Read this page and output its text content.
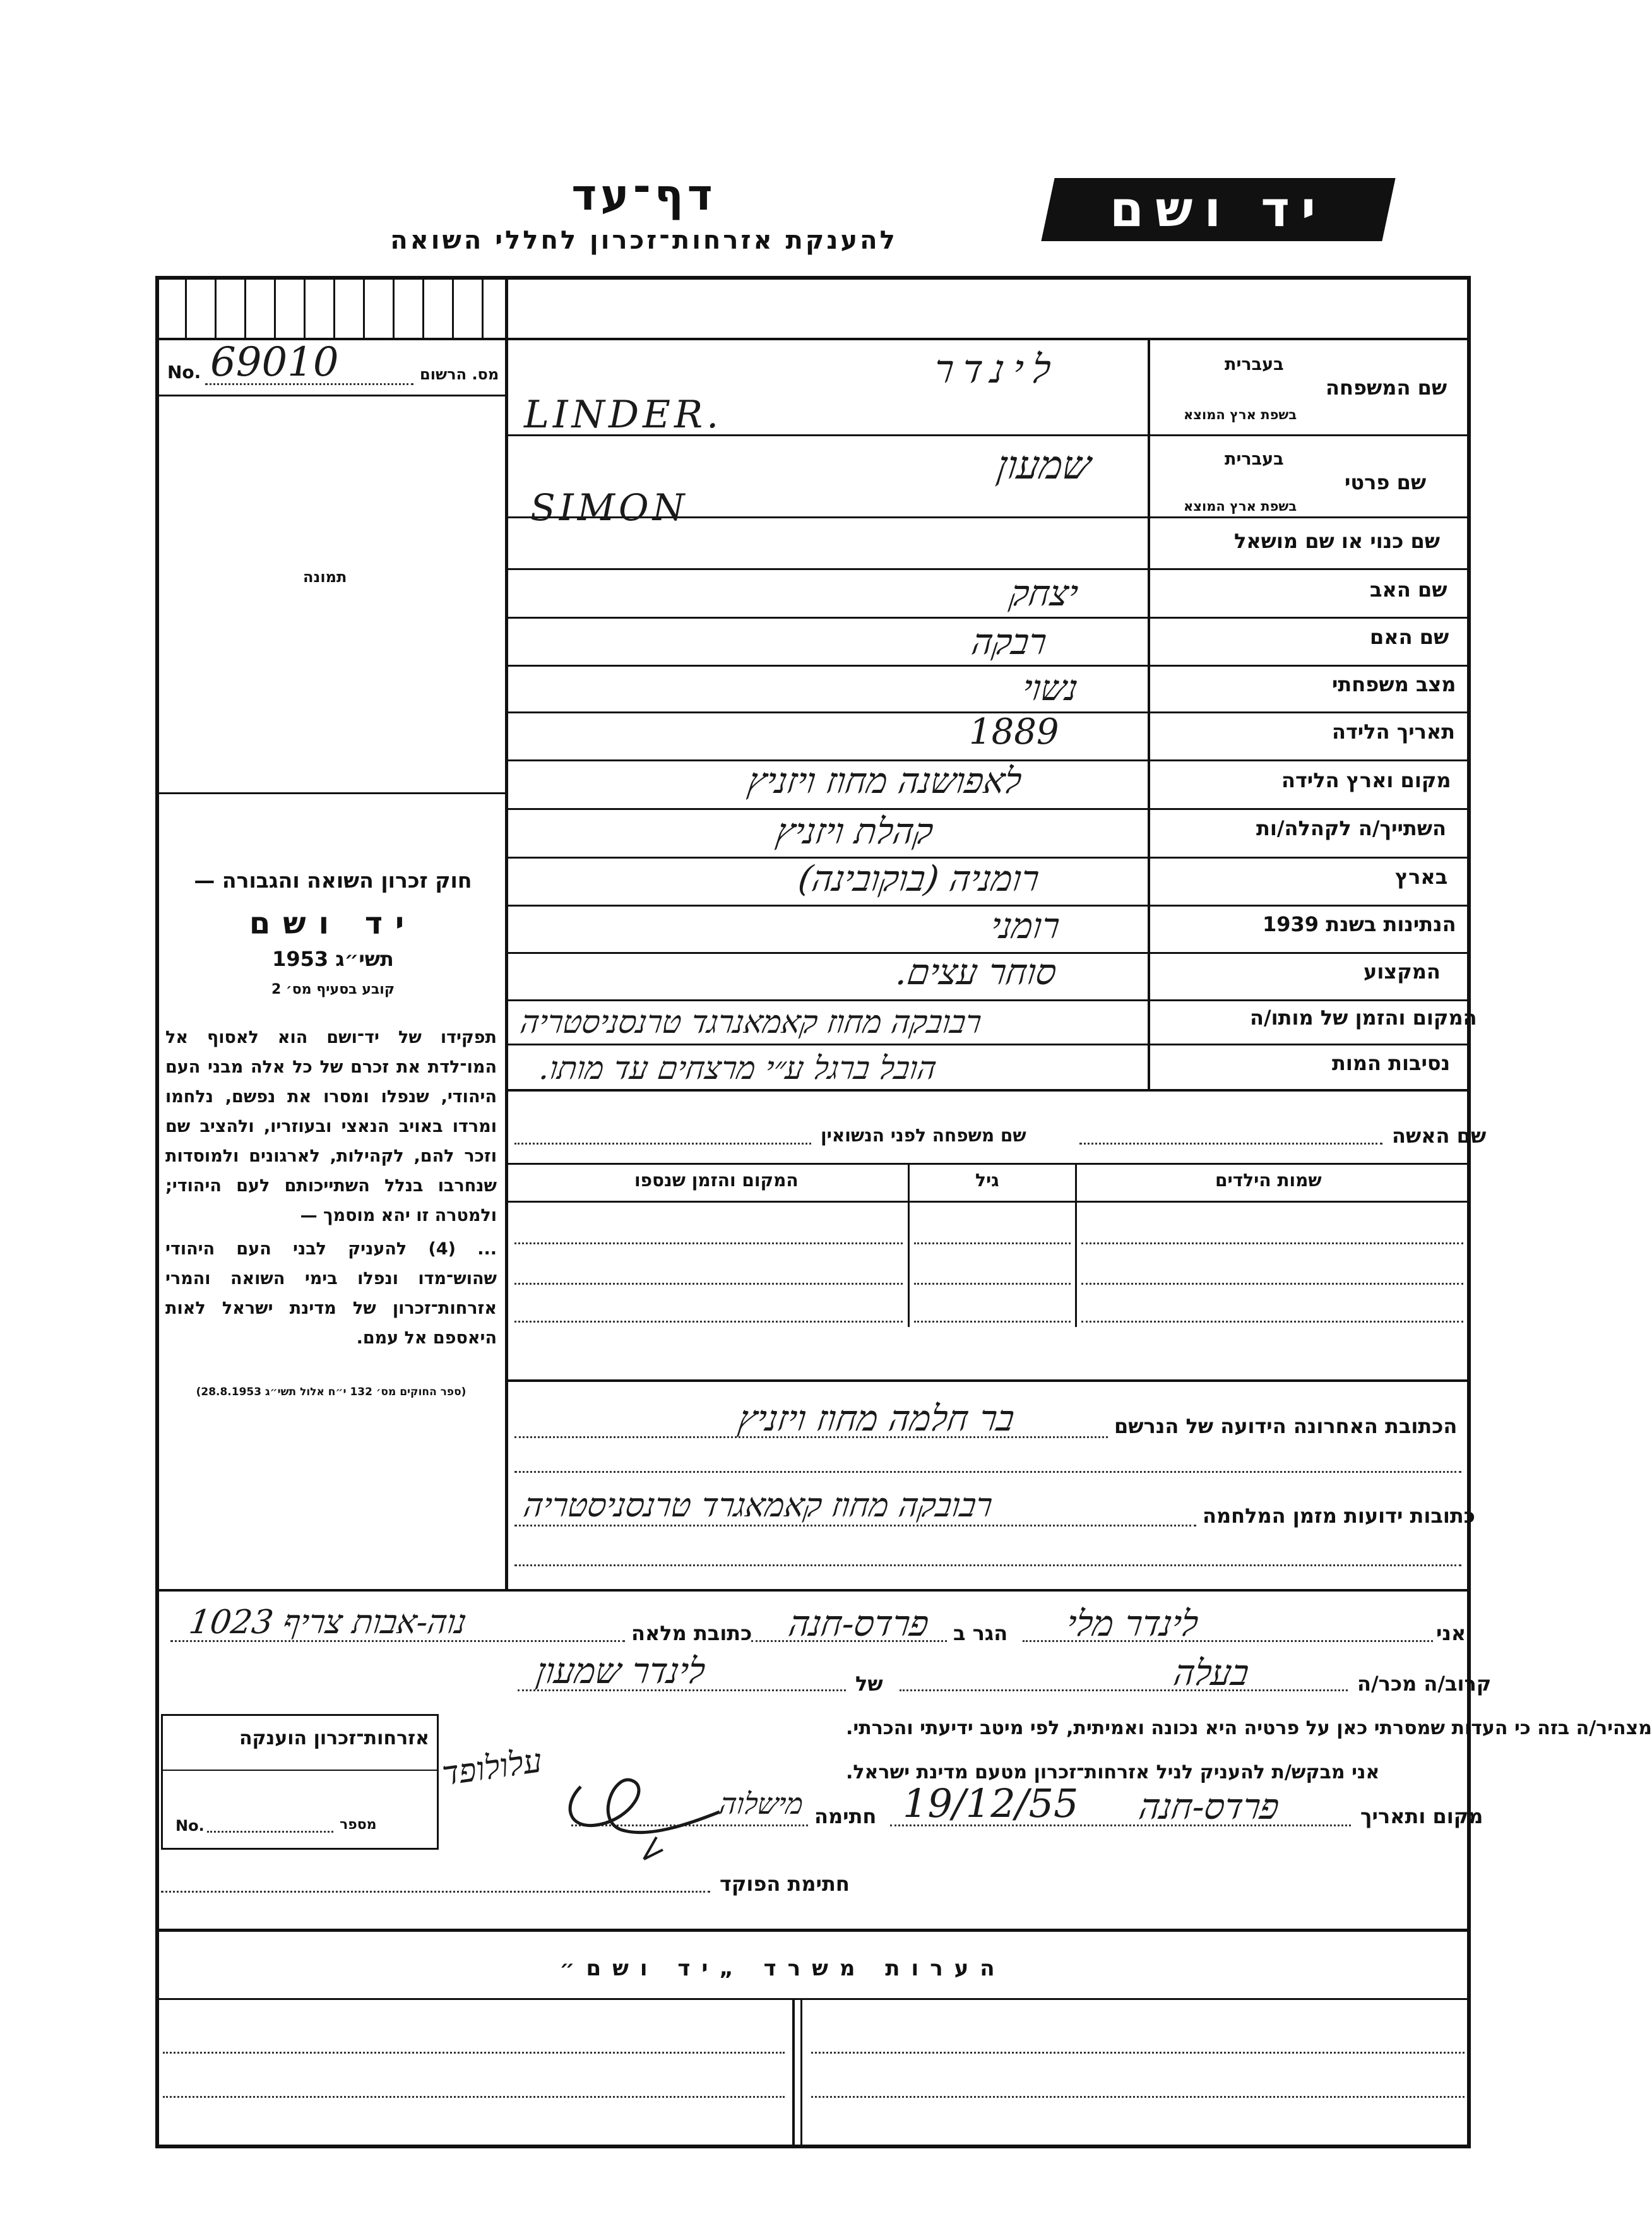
יד ושם
דף־עד
להענקת אזרחות־זכרון לחללי השואה
No. 69010	מס. הרשום
תמונה
חוק זכרון השואה והגבורה —
יד ושם
תשי״ג 1953
קובע בסעיף מס׳ 2
תפקידו של יד־ושם הוא לאסוף אל המו־לדת את זכרם של כל אלה מבני העם היהודי, שנפלו ומסרו את נפשם, נלחמו ומרדו באויב הנאצי ובעוזריו, ולהציב שם וזכר להם, לקהילות, לארגונים ולמוסדות שנחרבו בנלל השתייכותם לעם היהודי; ולמטרה זו יהא מוסמך —
... (4) להעניק לבני העם היהודי שהוש־מדו ונפלו בימי השואה והמרי אזרחות־זכרון של מדינת ישראל לאות היאספם אל עמם.
(ספר החוקים מס׳ 132 י״ח אלול תשי״ג 28.8.1953)
בעברית
שם המשפחה
בשפת ארץ המוצא
בעברית
שם פרטי
בשפת ארץ המוצא
שם כנוי או שם מושאל
שם האב
שם האם
מצב משפחתי
תאריך הלידה
מקום וארץ הלידה
השתייך/ה לקהלה/ות
בארץ
הנתינות בשנת 1939
המקצוע
המקום והזמן של מותו/ה
נסיבות המות
לינדר
LINDER.
שמעון
SIMON
יצחק
רבקה
נשוי
1889
לאפושנה מחוז ויזניץ
קהלת ויזניץ
רומניה (בוקובינה)
רומני
סוחר עצים.
רבובקה מחוז קאמאנרגד טרנסניסטריה
הובל ברגל ע״י מרצחים עד מותו.
שם האשה
שם משפחה לפני הנשואין
שמות הילדים
גיל
המקום והזמן שנספו
הכתובת האחרונה הידועה של הנרשם
בר חלמה מחוז ויזניץ
כתובות ידועות מזמן המלחמה
רבובקה מחוז קאמאגרד טרנסניסטריה
אני
לינדר מלי
הגר ב
פרדס-חנה
כתובת מלאה
נוה-אבות צריף 1023
קרוב/ה מכר/ה
בעלה
של
לינדר שמעון
מצהיר/ה בזה כי העדות שמסרתי כאן על פרטיה היא נכונה ואמיתית, לפי מיטב ידיעתי והכרתי.
אני מבקש/ת להעניק לניל אזרחות־זכרון מטעם מדינת ישראל.
מקום ותאריך
פרדס-חנה
19/12/55
חתימה
מישלוה
עלולופד
חתימת הפוקד
אזרחות־זכרון הוענקה
No.	מספר
הערות משרד „יד ושם״
